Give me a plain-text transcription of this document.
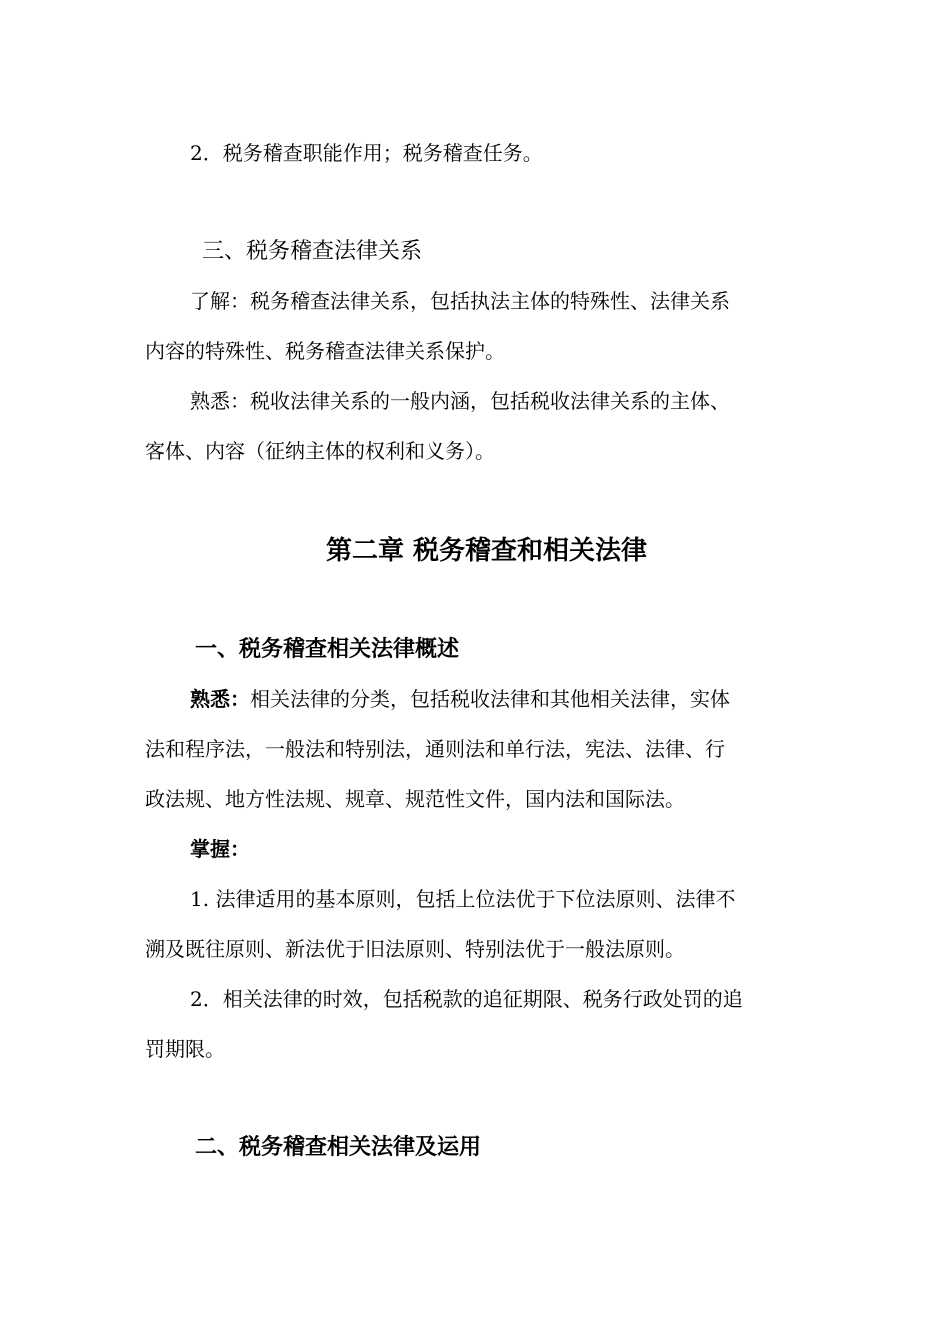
2．税务稽查职能作用；税务稽查任务。

三、税务稽查法律关系

了解：税务稽查法律关系，包括执法主体的特殊性、法律关系

内容的特殊性、税务稽查法律关系保护。

熟悉：税收法律关系的一般内涵，包括税收法律关系的主体、

客体、内容（征纳主体的权利和义务）。

第二章 税务稽查和相关法律

一、税务稽查相关法律概述

熟悉：相关法律的分类，包括税收法律和其他相关法律，实体

法和程序法，一般法和特别法，通则法和单行法，宪法、法律、行

政法规、地方性法规、规章、规范性文件，国内法和国际法。

掌握：

1. 法律适用的基本原则，包括上位法优于下位法原则、法律不

溯及既往原则、新法优于旧法原则、特别法优于一般法原则。

2．相关法律的时效，包括税款的追征期限、税务行政处罚的追

罚期限。

二、税务稽查相关法律及运用
